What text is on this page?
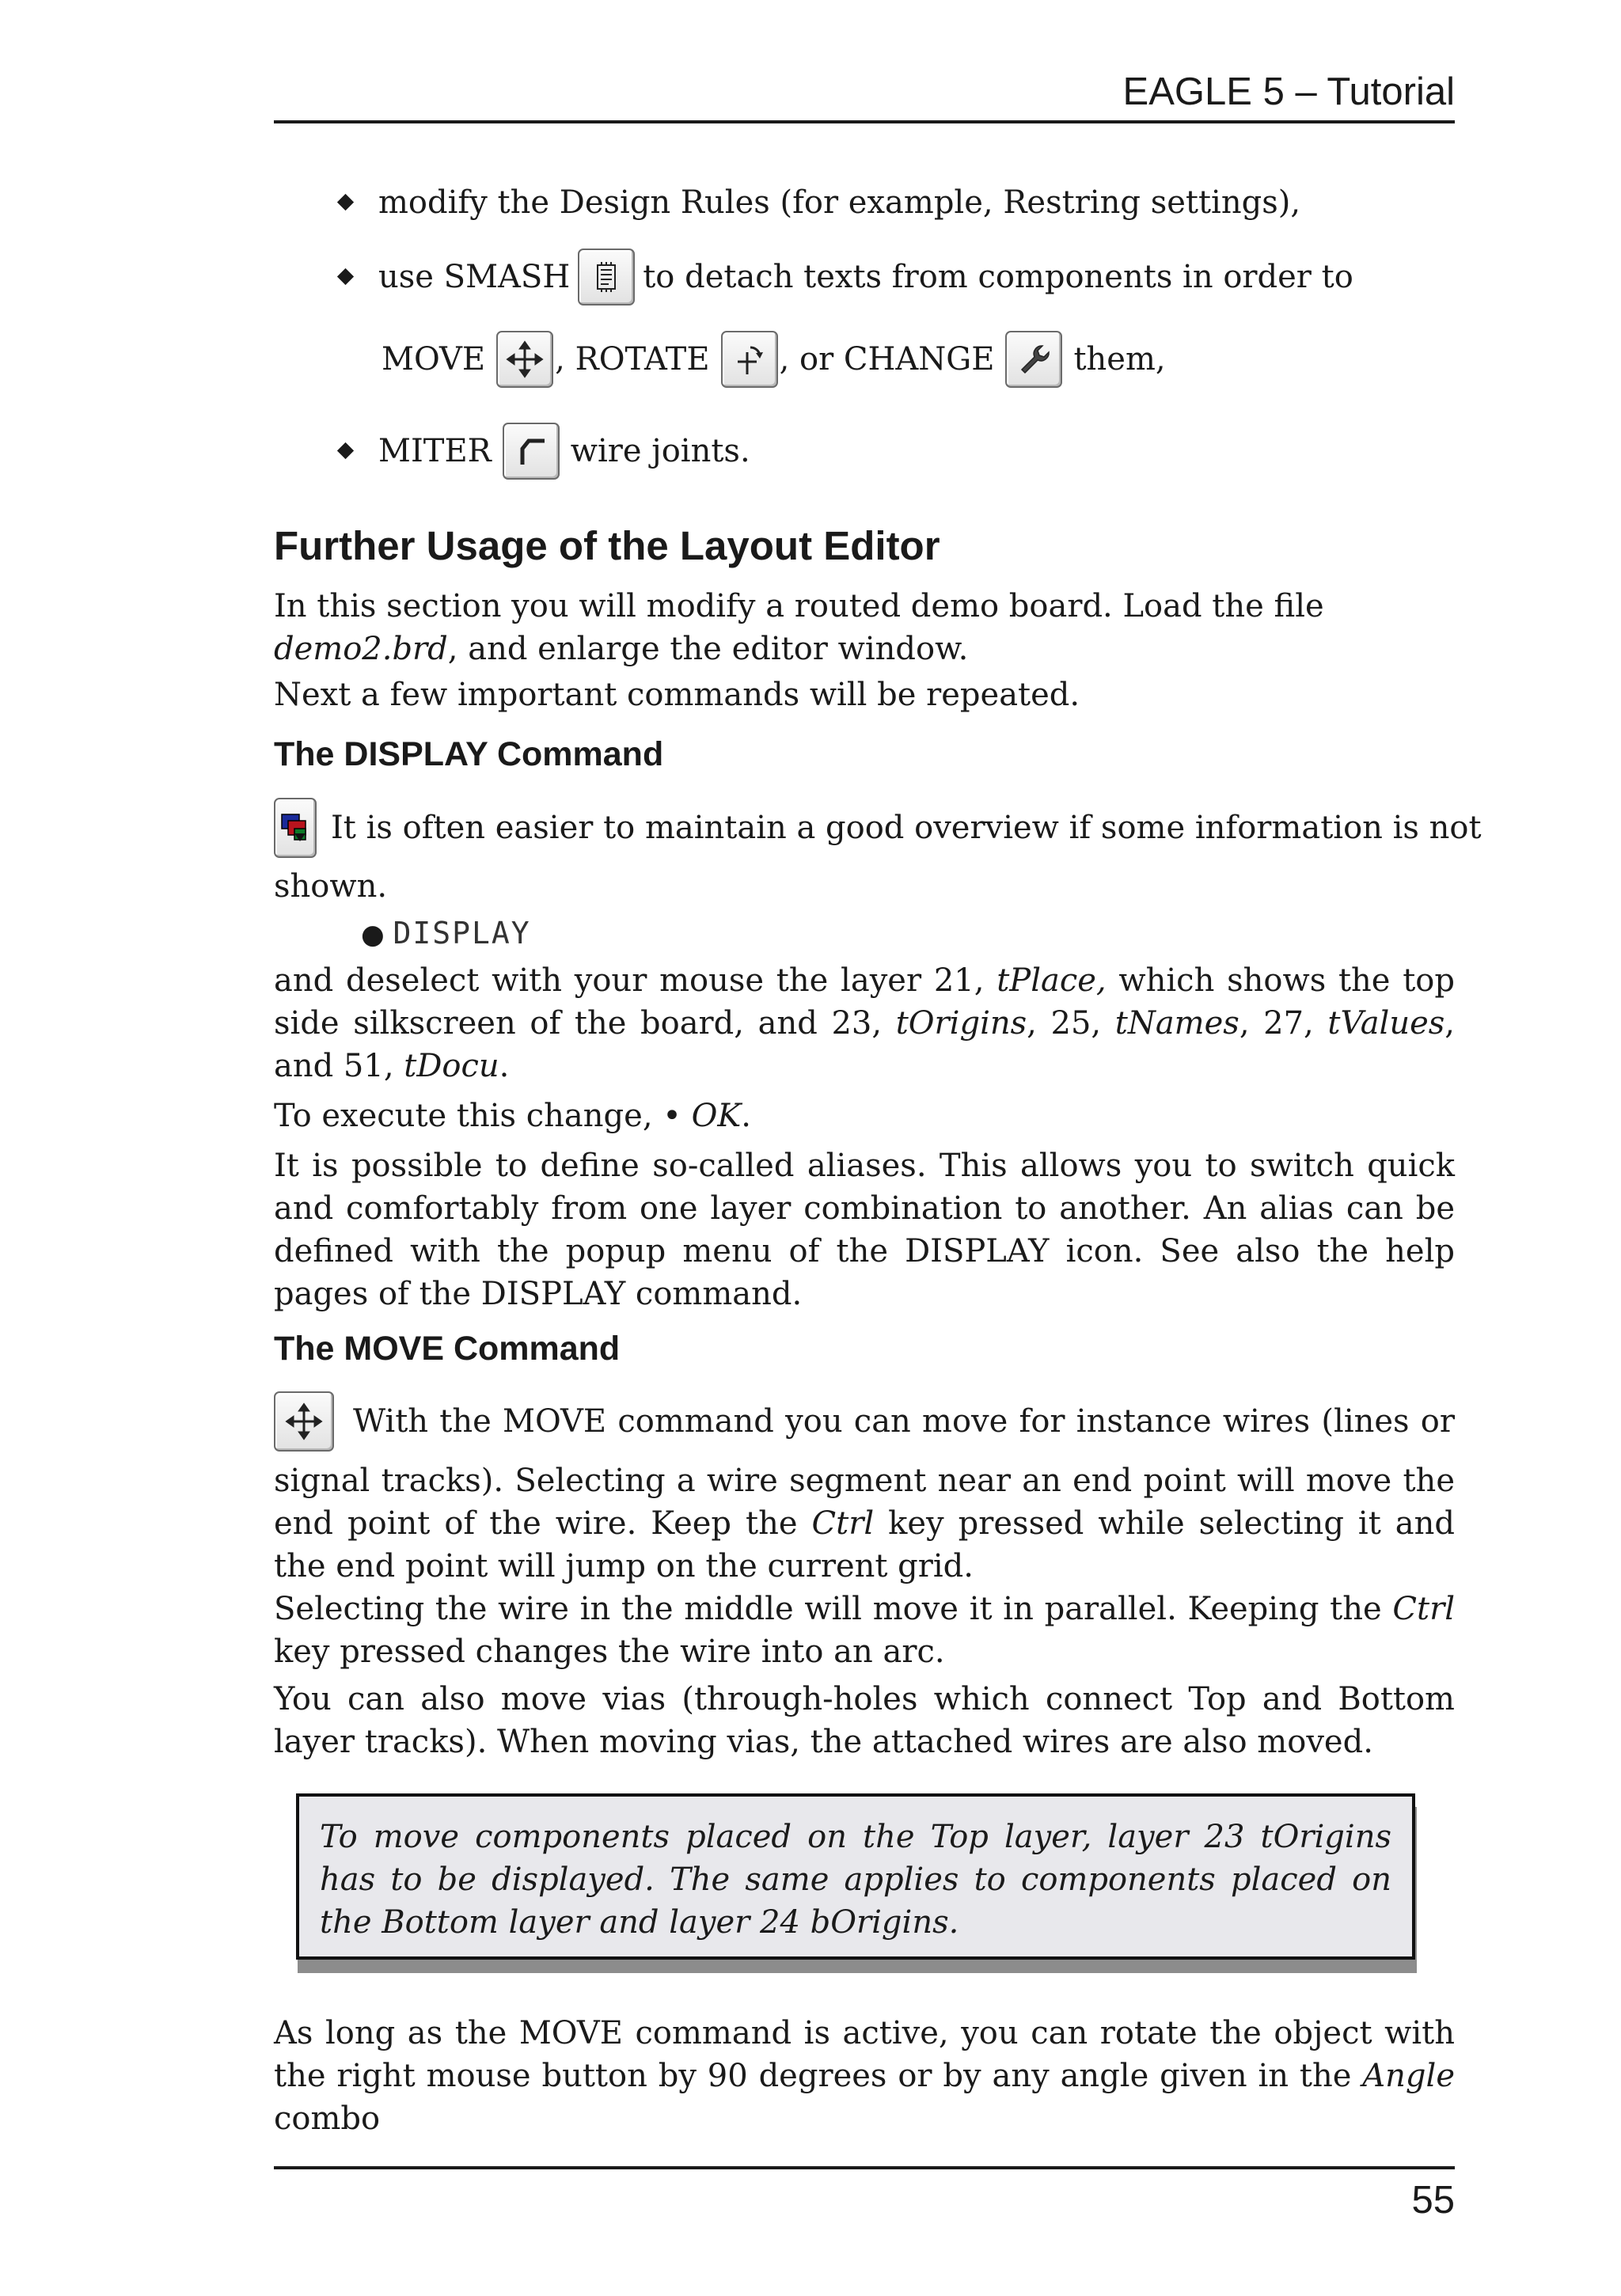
EAGLE 5 – Tutorial
modify the Design Rules (for example, Restring settings),
use SMASH to detach texts from components in order to
MOVE , ROTATE , or CHANGE	them,
MITER	wire joints.
Further Usage of the Layout Editor
In this section you will modify a routed demo board. Load the file
demo2.brd, and enlarge the editor window.
Next a few important commands will be repeated.
The DISPLAY Command
It is often easier to maintain a good overview if some information is not
shown.
● DISPLAY
and deselect with your mouse the layer 21, tPlace, which shows the top side silkscreen of the board, and 23, tOrigins, 25, tNames, 27, tValues, and 51, tDocu.
To execute this change, • OK.
It is possible to define so-called aliases. This allows you to switch quick and comfortably from one layer combination to another. An alias can be defined with the popup menu of the DISPLAY icon. See also the help pages of the DISPLAY command.
The MOVE Command
With the MOVE command you can move for instance wires (lines or
signal tracks). Selecting a wire segment near an end point will move the end point of the wire. Keep the Ctrl key pressed while selecting it and the end point will jump on the current grid.
Selecting the wire in the middle will move it in parallel. Keeping the Ctrl key pressed changes the wire into an arc.
You can also move vias (through-holes which connect Top and Bottom layer tracks). When moving vias, the attached wires are also moved.
To move components placed on the Top layer, layer 23 tOrigins has to be displayed. The same applies to components placed on the Bottom layer and layer 24 bOrigins.
As long as the MOVE command is active, you can rotate the object with the right mouse button by 90 degrees or by any angle given in the Angle combo
55
